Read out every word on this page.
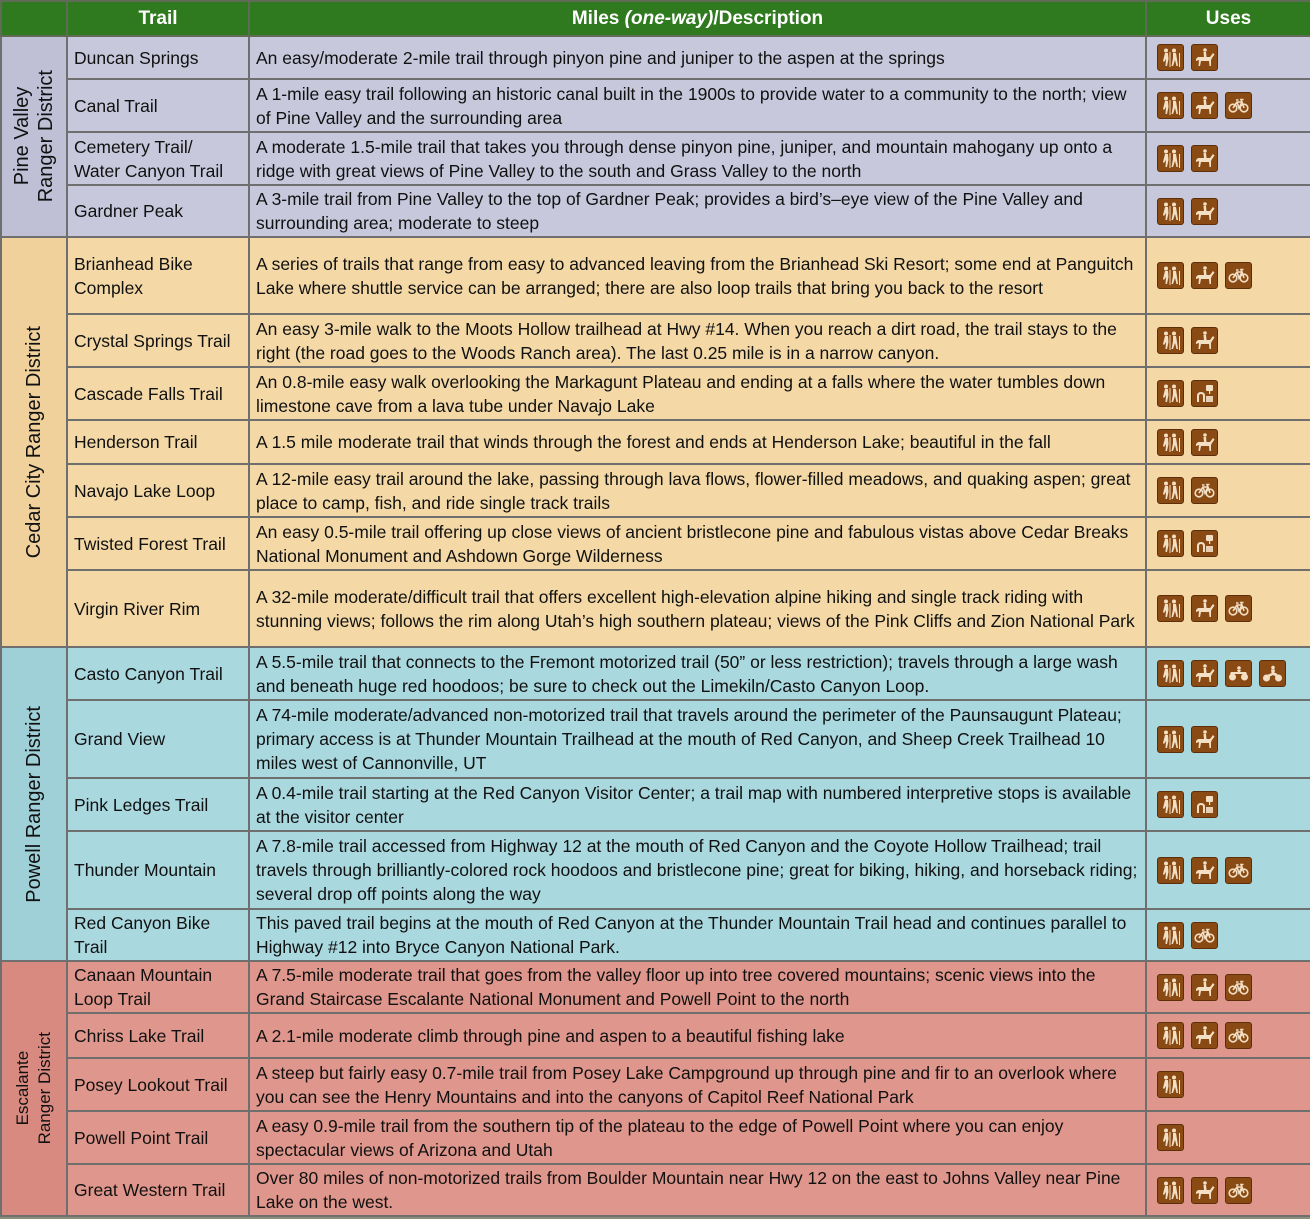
	Trail	Miles (one-way)/Description	Uses

Pine Valley Ranger District	Duncan Springs	An easy/moderate 2-mile trail through pinyon pine and juniper to the aspen at the springs	

	Canal Trail	A 1-mile easy trail following an historic canal built in the 1900s to provide water to a community to the north; view of Pine Valley and the surrounding area	

	Cemetery Trail/ Water Canyon Trail	A moderate 1.5-mile trail that takes you through dense pinyon pine, juniper, and mountain mahogany up onto a ridge with great views of Pine Valley to the south and Grass Valley to the north	

	Gardner Peak	A 3-mile trail from Pine Valley to the top of Gardner Peak; provides a bird’s–eye view of the Pine Valley and surrounding area; moderate to steep	

Cedar City Ranger District	Brianhead Bike Complex	A series of trails that range from easy to advanced leaving from the Brianhead Ski Resort; some end at Panguitch Lake where shuttle service can be arranged; there are also loop trails that bring you back to the resort	

	Crystal Springs Trail	An easy 3-mile walk to the Moots Hollow trailhead at Hwy #14. When you reach a dirt road, the trail stays to the right (the road goes to the Woods Ranch area). The last 0.25 mile is in a narrow canyon.	

	Cascade Falls Trail	An 0.8-mile easy walk overlooking the Markagunt Plateau and ending at a falls where the water tumbles down limestone cave from a lava tube under Navajo Lake	

	Henderson Trail	A 1.5 mile moderate trail that winds through the forest and ends at Henderson Lake; beautiful in the fall	

	Navajo Lake Loop	A 12-mile easy trail around the lake, passing through lava flows, flower-filled meadows, and quaking aspen; great place to camp, fish, and ride single track trails	

	Twisted Forest Trail	An easy 0.5-mile trail offering up close views of ancient bristlecone pine and fabulous vistas above Cedar Breaks National Monument and Ashdown Gorge Wilderness	

	Virgin River Rim	A 32-mile moderate/difficult trail that offers excellent high-elevation alpine hiking and single track riding with stunning views; follows the rim along Utah’s high southern plateau; views of the Pink Cliffs and Zion National Park	

Powell Ranger District	Casto Canyon Trail	A 5.5-mile trail that connects to the Fremont motorized trail (50” or less restriction); travels through a large wash and beneath huge red hoodoos; be sure to check out the Limekiln/Casto Canyon Loop.	

	Grand View	A 74-mile moderate/advanced non-motorized trail that travels around the perimeter of the Paunsaugunt Plateau; primary access is at Thunder Mountain Trailhead at the mouth of Red Canyon, and Sheep Creek Trailhead 10 miles west of Cannonville, UT	

	Pink Ledges Trail	A 0.4-mile trail starting at the Red Canyon Visitor Center; a trail map with numbered interpretive stops is available at the visitor center	

	Thunder Mountain	A 7.8-mile trail accessed from Highway 12 at the mouth of Red Canyon and the Coyote Hollow Trailhead; trail travels through brilliantly-colored rock hoodoos and bristlecone pine; great for biking, hiking, and horseback riding; several drop off points along the way	

	Red Canyon Bike Trail	This paved trail begins at the mouth of Red Canyon at the Thunder Mountain Trail head and continues parallel to Highway #12 into Bryce Canyon National Park.	

Escalante Ranger District	Canaan Mountain Loop Trail	A 7.5-mile moderate trail that goes from the valley floor up into tree covered mountains; scenic views into the Grand Staircase Escalante National Monument and Powell Point to the north	

	Chriss Lake Trail	A 2.1-mile moderate climb through pine and aspen to a beautiful fishing lake	

	Posey Lookout Trail	A steep but fairly easy 0.7-mile trail from Posey Lake Campground up through pine and fir to an overlook where you can see the Henry Mountains and into the canyons of Capitol Reef National Park	

	Powell Point Trail	A easy 0.9-mile trail from the southern tip of the plateau to the edge of Powell Point where you can enjoy spectacular views of Arizona and Utah	

	Great Western Trail	Over 80 miles of non-motorized trails from Boulder Mountain near Hwy 12 on the east to Johns Valley near Pine Lake on the west.	
